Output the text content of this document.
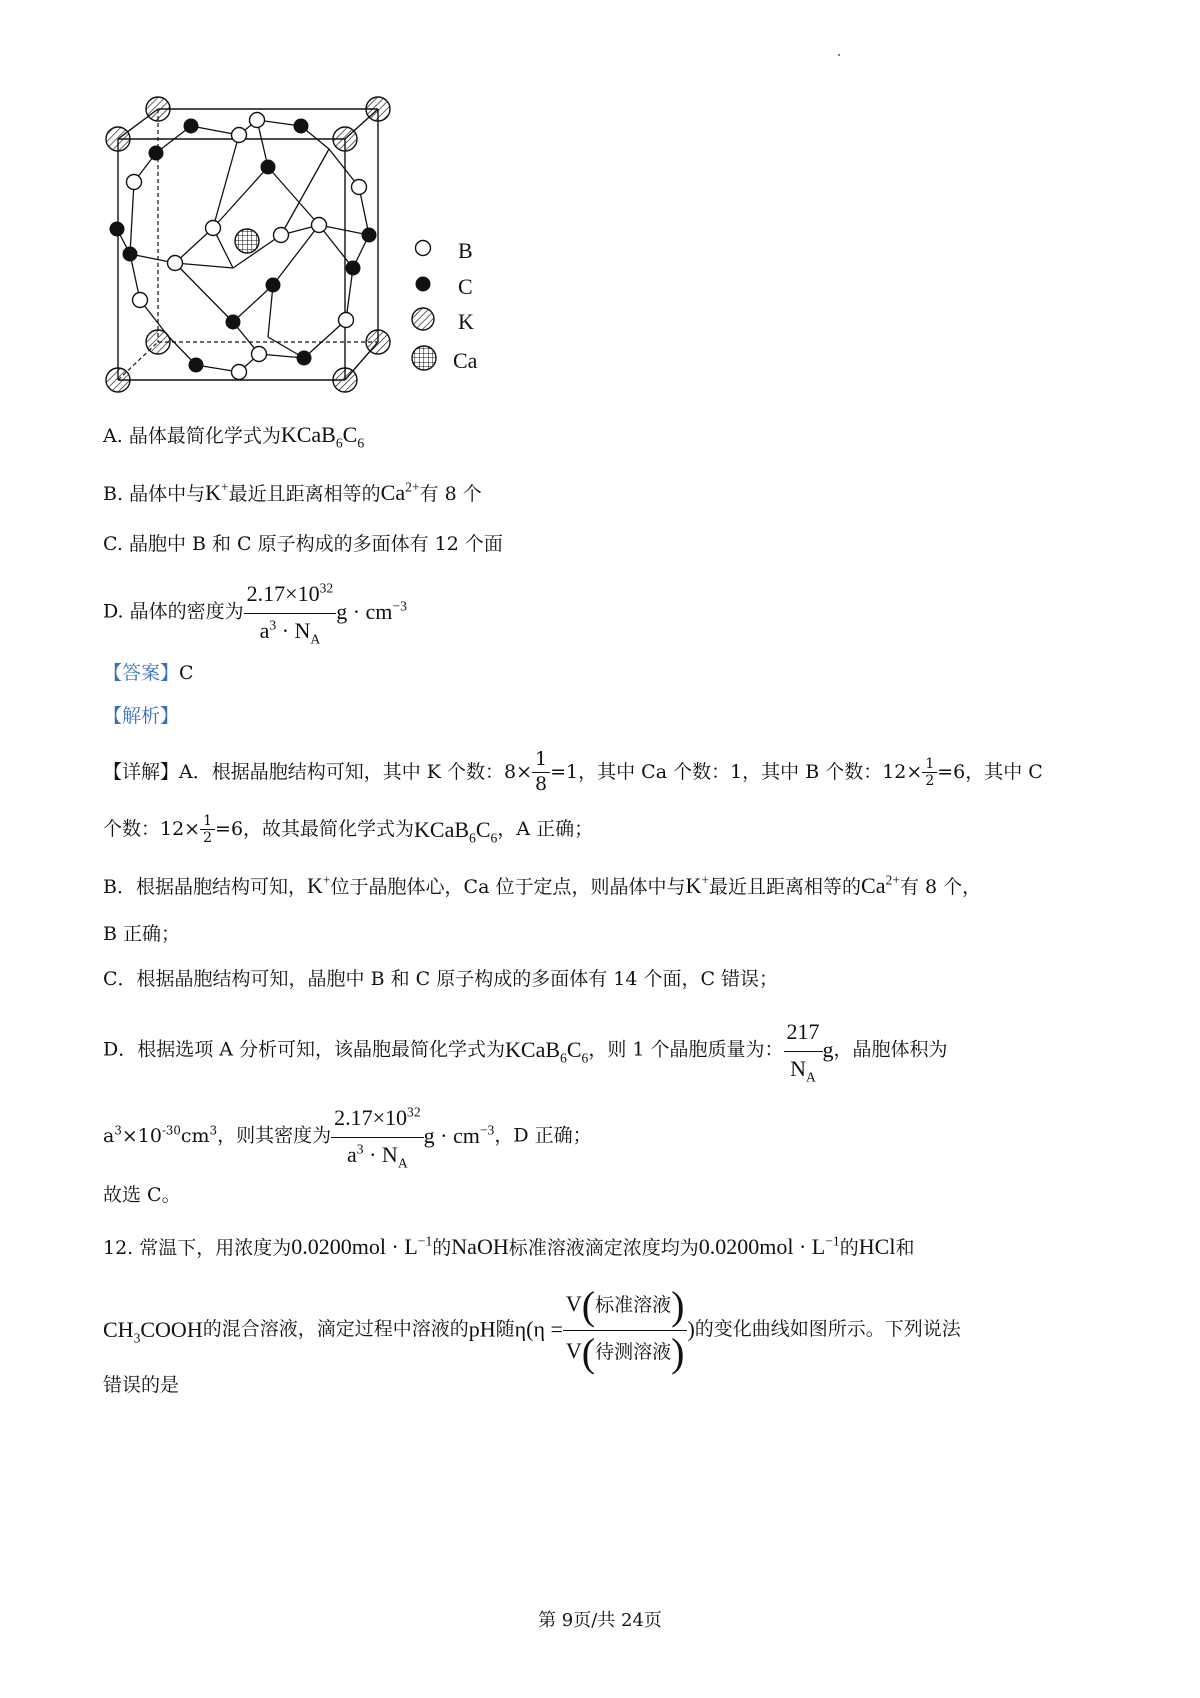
B
C
K
Ca
A. 晶体最简化学式为$KCaB_6C_6$
B. 晶体中与K+最近且距离相等的$Ca^{2+}$有 8 个
C. 晶胞中 B 和 C 原子构成的多面体有 12 个面
D. 晶体的密度为 $\frac{2.17\times 10^{32}}{a^3 \cdot N_A}$ $g \cdot cm^{-3}$
【答案】C
【解析】
【详解】A．根据晶胞结构可知，其中 K 个数：$8\times \frac{1}{8} =1$，其中 Ca 个数：1，其中 B 个数：$12\times \frac{1}{2} =6$，其中 C
个数：$12\times \frac{1}{2} =6$，故其最简化学式为$KCaB_6C_6$，A 正确；
B．根据晶胞结构可知，K+位于晶胞体心，Ca 位于定点，则晶体中与K+最近且距离相等的$Ca^{2+}$有 8 个，
B 正确；
C．根据晶胞结构可知，晶胞中 B 和 C 原子构成的多面体有 14 个面，C 错误；
D．根据选项 A 分析可知，该晶胞最简化学式为$KCaB_6C_6$，则 1 个晶胞质量为： $\frac{217}{N_A}$ g，晶胞体积为
$a^3\times 10^{-30}cm^3$，则其密度为 $\frac{2.17\times 10^{32}}{a^3 \cdot N_A}$ $g \cdot cm^{-3}$，D 正确；
故选 C。
12. 常温下，用浓度为$0.0200mol \cdot L^{-1}$的NaOH标准溶液滴定浓度均为$0.0200mol \cdot L^{-1}$的HCl和
$CH_3COOH$的混合溶液，滴定过程中溶液的pH随$\eta(\eta = \frac{\text{V(标准溶液)}}{\text{V(待测溶液)}}$ )的变化曲线如图所示。下列说法
错误的是
第 9页/共 24页
